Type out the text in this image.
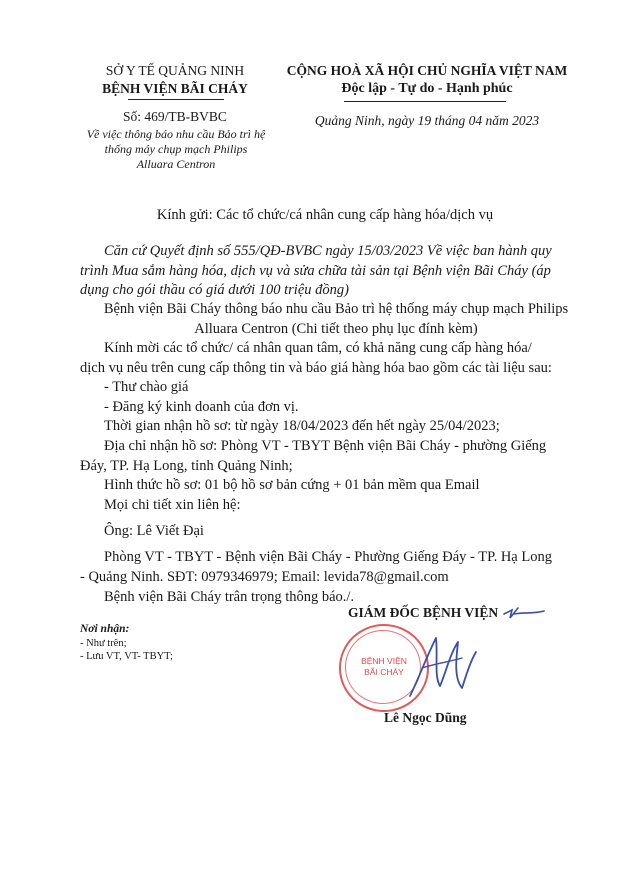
SỞ Y TẾ QUẢNG NINH
BỆNH VIỆN BÃI CHÁY
Số: 469/TB-BVBC
Về việc thông báo nhu cầu Bảo trì hệ
thống máy chụp mạch Philips
Alluara Centron
CỘNG HOÀ XÃ HỘI CHỦ NGHĨA VIỆT NAM
Độc lập - Tự do - Hạnh phúc
Quảng Ninh, ngày 19 tháng 04 năm 2023
Kính gửi: Các tổ chức/cá nhân cung cấp hàng hóa/dịch vụ
Căn cứ Quyết định số 555/QĐ-BVBC ngày 15/03/2023 Về việc ban hành quy
trình Mua sắm hàng hóa, dịch vụ và sửa chữa tài sản tại Bệnh viện Bãi Cháy (áp
dụng cho gói thầu có giá dưới 100 triệu đồng)
Bệnh viện Bãi Cháy thông báo nhu cầu Bảo trì hệ thống máy chụp mạch Philips
Alluara Centron (Chi tiết theo phụ lục đính kèm)
Kính mời các tổ chức/ cá nhân quan tâm, có khả năng cung cấp hàng hóa/
dịch vụ nêu trên cung cấp thông tin và báo giá hàng hóa bao gồm các tài liệu sau:
- Thư chào giá
- Đăng ký kinh doanh của đơn vị.
Thời gian nhận hồ sơ: từ ngày 18/04/2023 đến hết ngày 25/04/2023;
Địa chỉ nhận hồ sơ: Phòng VT - TBYT Bệnh viện Bãi Cháy - phường Giếng
Đáy, TP. Hạ Long, tỉnh Quảng Ninh;
Hình thức hồ sơ: 01 bộ hồ sơ bản cứng + 01 bản mềm qua Email
Mọi chi tiết xin liên hệ:
Ông: Lê Viết Đại
Phòng VT - TBYT - Bệnh viện Bãi Cháy - Phường Giếng Đáy - TP. Hạ Long
- Quảng Ninh. SĐT: 0979346979; Email: levida78@gmail.com
Bệnh viện Bãi Cháy trân trọng thông báo./.
Nơi nhận:
- Như trên;
- Lưu VT, VT- TBYT;
GIÁM ĐỐC BỆNH VIỆN
BỆNH VIỆN
BÃI CHÁY
Lê Ngọc Dũng
